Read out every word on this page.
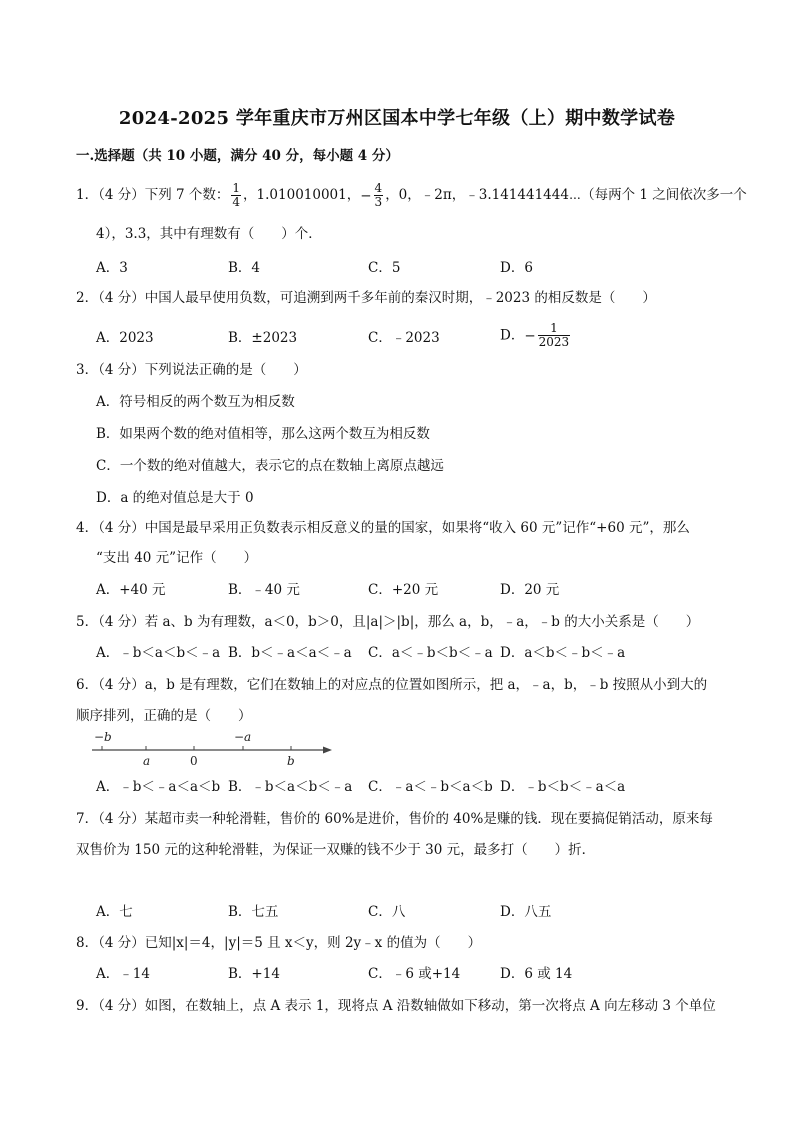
2024-2025 学年重庆市万州区国本中学七年级（上）期中数学试卷
一.选择题（共 10 小题，满分 40 分，每小题 4 分）
1．（4 分）下列 7 个数： $\frac{1}{4}$ ，1.010010001，− $\frac{4}{3}$ ，0，﹣2π，﹣3.141441444⋯（每两个 1 之间依次多一个
4），3.3，其中有理数有（　　）个．
A．3	B．4	C．5	D．6
2．（4 分）中国人最早使用负数，可追溯到两千多年前的秦汉时期，﹣2023 的相反数是（　　）
A．2023	B．±2023	C．﹣2023	D．− $\frac{1}{2023}$
3．（4 分）下列说法正确的是（　　）
A．符号相反的两个数互为相反数
B．如果两个数的绝对值相等，那么这两个数互为相反数
C．一个数的绝对值越大，表示它的点在数轴上离原点越远
D．a 的绝对值总是大于 0
4．（4 分）中国是最早采用正负数表示相反意义的量的国家，如果将“收入 60 元”记作“+60 元”，那么
“支出 40 元”记作（　　）
A．+40 元	B．﹣40 元	C．+20 元	D．20 元
5．（4 分）若 a、b 为有理数，a＜0，b＞0，且|a|＞|b|，那么 a，b，﹣a，﹣b 的大小关系是（　　）
A．﹣b＜a＜b＜﹣a B．b＜﹣a＜a＜﹣a C．a＜﹣b＜b＜﹣a D．a＜b＜﹣b＜﹣a
6．（4 分）a，b 是有理数，它们在数轴上的对应点的位置如图所示，把 a，﹣a，b，﹣b 按照从小到大的
顺序排列，正确的是（　　）
−b
a	0
−a
b
A．﹣b＜﹣a＜a＜b B．﹣b＜a＜b＜﹣a C．﹣a＜﹣b＜a＜b D．﹣b＜b＜﹣a＜a
7．（4 分）某超市卖一种轮滑鞋，售价的 60%是进价，售价的 40%是赚的钱．现在要搞促销活动，原来每
双售价为 150 元的这种轮滑鞋，为保证一双赚的钱不少于 30 元，最多打（　　）折．
A．七	B．七五	C．八	D．八五
8．（4 分）已知|x|＝4，|y|＝5 且 x＜y，则 2y﹣x 的值为（　　）
A．﹣14	B．+14	C．﹣6 或+14	D．6 或 14
9．（4 分）如图，在数轴上，点 A 表示 1，现将点 A 沿数轴做如下移动，第一次将点 A 向左移动 3 个单位
